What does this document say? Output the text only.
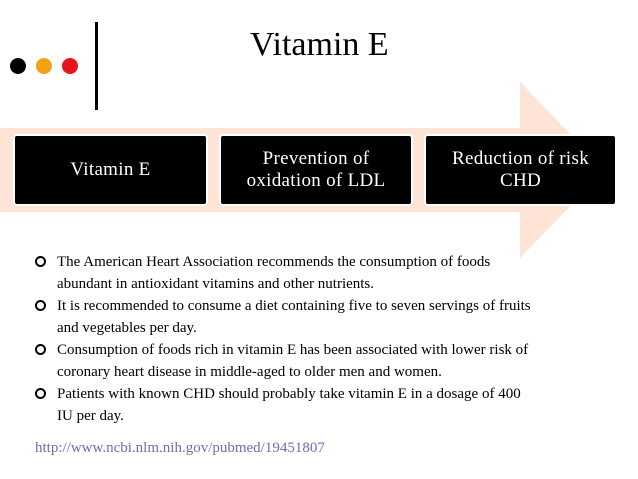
Vitamin E
Vitamin E
Prevention of
oxidation of LDL
Reduction of risk
CHD
The American Heart Association recommends the consumption of foods
abundant in antioxidant vitamins and other nutrients.
It is recommended to consume a diet containing five to seven servings of fruits
and vegetables per day.
Consumption of foods rich in vitamin E has been associated with lower risk of
coronary heart disease in middle-aged to older men and women.
Patients with known CHD should probably take vitamin E in a dosage of 400
IU per day.
http://www.ncbi.nlm.nih.gov/pubmed/19451807
